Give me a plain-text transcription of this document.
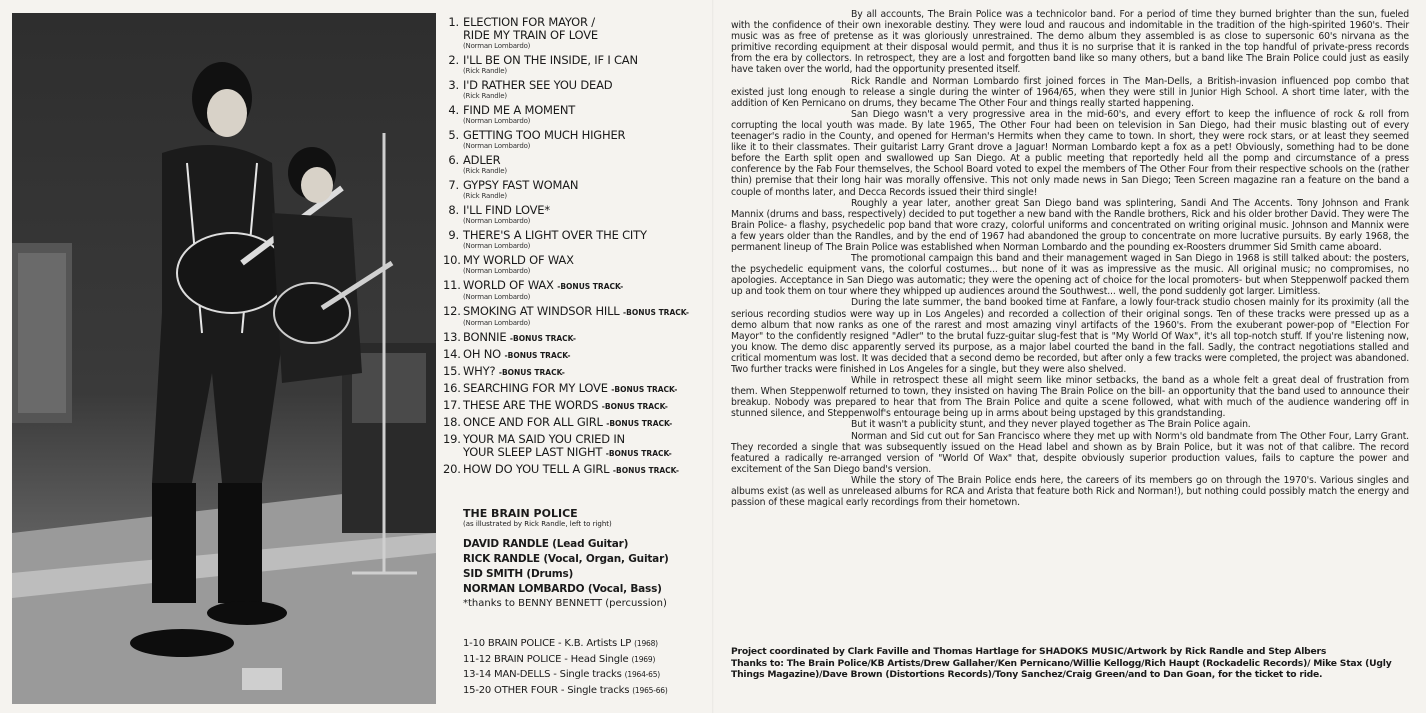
1. ELECTION FOR MAYOR /
RIDE MY TRAIN OF LOVE
(Norman Lombardo)
2. I'LL BE ON THE INSIDE, IF I CAN
(Rick Randle)
3. I'D RATHER SEE YOU DEAD
(Rick Randle)
4. FIND ME A MOMENT
(Norman Lombardo)
5. GETTING TOO MUCH HIGHER
(Norman Lombardo)
6. ADLER
(Rick Randle)
7. GYPSY FAST WOMAN
(Rick Randle)
8. I'LL FIND LOVE*
(Norman Lombardo)
9. THERE'S A LIGHT OVER THE CITY
(Norman Lombardo)
10. MY WORLD OF WAX
(Norman Lombardo)
11. WORLD OF WAX -BONUS TRACK-
(Norman Lombardo)
12. SMOKING AT WINDSOR HILL -BONUS TRACK-
(Norman Lombardo)
13. BONNIE -BONUS TRACK-
14. OH NO -BONUS TRACK-
15. WHY? -BONUS TRACK-
16. SEARCHING FOR MY LOVE -BONUS TRACK-
17. THESE ARE THE WORDS -BONUS TRACK-
18. ONCE AND FOR ALL GIRL -BONUS TRACK-
19. YOUR MA SAID YOU CRIED IN
YOUR SLEEP LAST NIGHT -BONUS TRACK-
20. HOW DO YOU TELL A GIRL -BONUS TRACK-
THE BRAIN POLICE
(as illustrated by Rick Randle, left to right)
DAVID RANDLE (Lead Guitar)
RICK RANDLE (Vocal, Organ, Guitar)
SID SMITH (Drums)
NORMAN LOMBARDO (Vocal, Bass)
*thanks to BENNY BENNETT (percussion)
1-10 BRAIN POLICE - K.B. Artists LP (1968)
11-12 BRAIN POLICE - Head Single (1969)
13-14 MAN-DELLS - Single tracks (1964-65)
15-20 OTHER FOUR - Single tracks (1965-66)

By all accounts, The Brain Police was a technicolor band. For a period of time they burned brighter than the sun, fueled with the confidence of their own inexorable destiny. They were loud and raucous and indomitable in the tradition of the high-spirited 1960's. Their music was as free of pretense as it was gloriously unrestrained. The demo album they assembled is as close to supersonic 60's nirvana as the primitive recording equipment at their disposal would permit, and thus it is no surprise that it is ranked in the top handful of private-press records from the era by collectors. In retrospect, they are a lost and forgotten band like so many others, but a band like The Brain Police could just as easily have taken over the world, had the opportunity presented itself.

Rick Randle and Norman Lombardo first joined forces in The Man-Dells, a British-invasion influenced pop combo that existed just long enough to release a single during the winter of 1964/65, when they were still in Junior High School. A short time later, with the addition of Ken Pernicano on drums, they became The Other Four and things really started happening.

San Diego wasn't a very progressive area in the mid-60's, and every effort to keep the influence of rock & roll from corrupting the local youth was made. By late 1965, The Other Four had been on television in San Diego, had their music blasting out of every teenager's radio in the County, and opened for Herman's Hermits when they came to town. In short, they were rock stars, or at least they seemed like it to their classmates. Their guitarist Larry Grant drove a Jaguar! Norman Lombardo kept a fox as a pet! Obviously, something had to be done before the Earth split open and swallowed up San Diego. At a public meeting that reportedly held all the pomp and circumstance of a press conference by the Fab Four themselves, the School Board voted to expel the members of The Other Four from their respective schools on the (rather thin) premise that their long hair was morally offensive. This not only made news in San Diego; Teen Screen magazine ran a feature on the band a couple of months later, and Decca Records issued their third single!

Roughly a year later, another great San Diego band was splintering, Sandi And The Accents. Tony Johnson and Frank Mannix (drums and bass, respectively) decided to put together a new band with the Randle brothers, Rick and his older brother David. They were The Brain Police- a flashy, psychedelic pop band that wore crazy, colorful uniforms and concentrated on writing original music. Johnson and Mannix were a few years older than the Randles, and by the end of 1967 had abandoned the group to concentrate on more lucrative pursuits. By early 1968, the permanent lineup of The Brain Police was established when Norman Lombardo and the pounding ex-Roosters drummer Sid Smith came aboard.

The promotional campaign this band and their management waged in San Diego in 1968 is still talked about: the posters, the psychedelic equipment vans, the colorful costumes... but none of it was as impressive as the music. All original music; no compromises, no apologies. Acceptance in San Diego was automatic; they were the opening act of choice for the local promoters- but when Steppenwolf packed them up and took them on tour where they whipped up audiences around the Southwest... well, the pond suddenly got larger. Limitless.

During the late summer, the band booked time at Fanfare, a lowly four-track studio chosen mainly for its proximity (all the serious recording studios were way up in Los Angeles) and recorded a collection of their original songs. Ten of these tracks were pressed up as a demo album that now ranks as one of the rarest and most amazing vinyl artifacts of the 1960's. From the exuberant power-pop of "Election For Mayor" to the confidently resigned "Adler" to the brutal fuzz-guitar slug-fest that is "My World Of Wax", it's all top-notch stuff. If you're listening now, you know. The demo disc apparently served its purpose, as a major label courted the band in the fall. Sadly, the contract negotiations stalled and critical momentum was lost. It was decided that a second demo be recorded, but after only a few tracks were completed, the project was abandoned. Two further tracks were finished in Los Angeles for a single, but they were also shelved.

While in retrospect these all might seem like minor setbacks, the band as a whole felt a great deal of frustration from them. When Steppenwolf returned to town, they insisted on having The Brain Police on the bill- an opportunity that the band used to announce their breakup. Nobody was prepared to hear that from The Brain Police and quite a scene followed, what with much of the audience wandering off in stunned silence, and Steppenwolf's entourage being up in arms about being upstaged by this grandstanding.

But it wasn't a publicity stunt, and they never played together as The Brain Police again.

Norman and Sid cut out for San Francisco where they met up with Norm's old bandmate from The Other Four, Larry Grant. They recorded a single that was subsequently issued on the Head label and shown as by Brain Police, but it was not of that calibre. The record featured a radically re-arranged version of "World Of Wax" that, despite obviously superior production values, fails to capture the power and excitement of the San Diego band's version.

While the story of The Brain Police ends here, the careers of its members go on through the 1970's. Various singles and albums exist (as well as unreleased albums for RCA and Arista that feature both Rick and Norman!), but nothing could possibly match the energy and passion of these magical early recordings from their hometown.

Project coordinated by Clark Faville and Thomas Hartlage for SHADOKS MUSIC/Artwork by Rick Randle and Step Albers
Thanks to: The Brain Police/KB Artists/Drew Gallaher/Ken Pernicano/Willie Kellogg/Rich Haupt (Rockadelic Records)/ Mike Stax (Ugly Things Magazine)/Dave Brown (Distortions Records)/Tony Sanchez/Craig Green/and to Dan Goan, for the ticket to ride.
